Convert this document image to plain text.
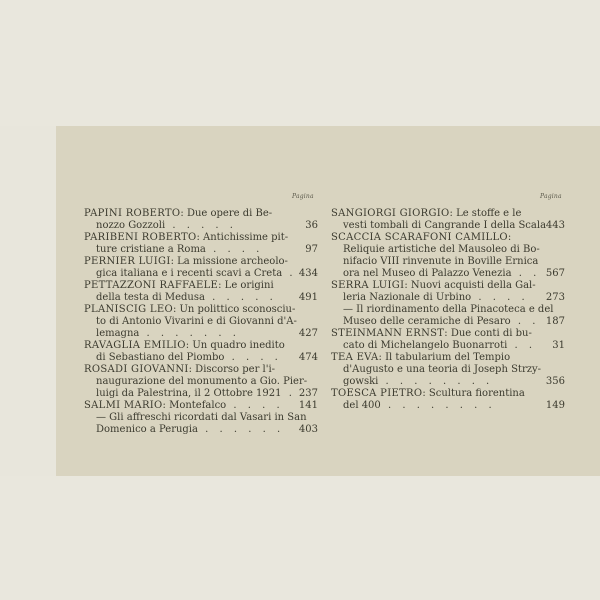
Pagina	Pagina
PAPINI ROBERTO: Due opere di Be-
nozzo Gozzoli . . . . .	36
PARIBENI ROBERTO: Antichissime pit-
ture cristiane a Roma . . . .	97
PERNIER LUIGI: La missione archeolo-
gica italiana e i recenti scavi a Creta . 434
PETTAZZONI RAFFAELE: Le origini
della testa di Medusa . . . . . 491
PLANISCIG LEO: Un polittico sconosciu-
to di Antonio Vivarini e di Giovanni d'A-
lemagna . . . . . . .	427
RAVAGLIA EMILIO: Un quadro inedito
di Sebastiano del Piombo . . . . 474
ROSADI GIOVANNI: Discorso per l'i-
naugurazione del monumento a Gio. Pier-
luigi da Palestrina, il 2 Ottobre 1921 . 237
SALMI MARIO: Montefalco . . . . 141
— Gli affreschi ricordati dal Vasari in San
Domenico a Perugia . . . . . . 403
SANGIORGI GIORGIO: Le stoffe e le
vesti tombali di Cangrande I della Scala 443
SCACCIA SCARAFONI CAMILLO:
Reliquie artistiche del Mausoleo di Bo-
nifacio VIII rinvenute in Boville Ernica
ora nel Museo di Palazzo Venezia . . 567
SERRA LUIGI: Nuovi acquisti della Gal-
leria Nazionale di Urbino . . . . 273
— Il riordinamento della Pinacoteca e del
Museo delle ceramiche di Pesaro . . 187
STEINMANN ERNST: Due conti di bu-
cato di Michelangelo Buonarroti . . 31
TEA EVA: Il tabularium del Tempio
d'Augusto e una teoria di Joseph Strzy-
gowski . . . . . . . .	356
TOESCA PIETRO: Scultura fiorentina
del 400 . . . . . . . .	149
